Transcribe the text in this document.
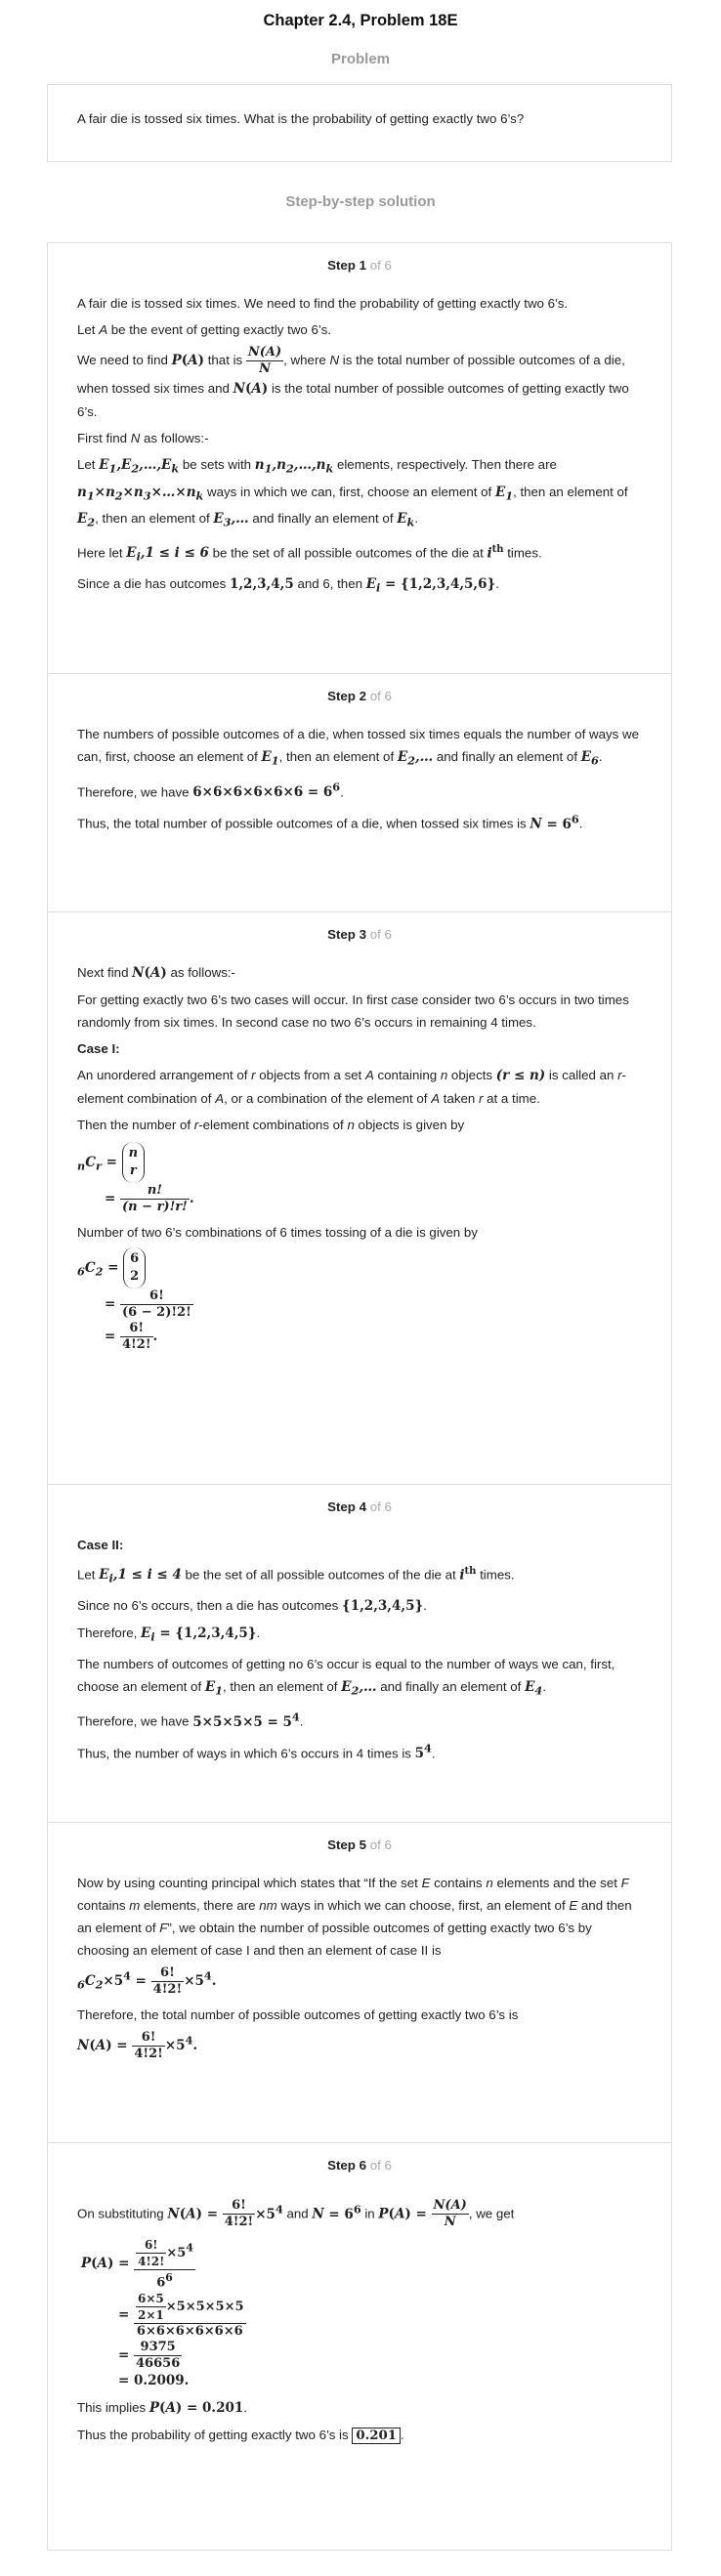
Chapter 2.4, Problem 18E
Problem
A fair die is tossed six times. What is the probability of getting exactly two 6’s?
Step-by-step solution
Step 1 of 6

A fair die is tossed six times. We need to find the probability of getting exactly two 6’s.

Let A be the event of getting exactly two 6’s.

We need to find P(A) that is $\frac{N(A)}{N}$ , where N is the total number of possible outcomes of a die, when tossed six times and N(A) is the total number of possible outcomes of getting exactly two 6’s.

First find N as follows:-

Let $E_1,E_2,\dots,E_k$ be sets with $n_1,n_2,\dots,n_k$ elements, respectively. Then there are $n_1\times n_2\times n_3\times\dots\times n_k$ ways in which we can, first, choose an element of $E_1$, then an element of $E_2$, then an element of $E_3,\dots$ and finally an element of $E_k$.

Here let $E_i,1 \le i \le 6$ be the set of all possible outcomes of the die at $i^{th}$ times.

Since a die has outcomes 1,2,3,4,5 and 6, then $E_i = \{1,2,3,4,5,6\}$.

Step 2 of 6

The numbers of possible outcomes of a die, when tossed six times equals the number of ways we can, first, choose an element of $E_1$, then an element of $E_2,\dots$ and finally an element of $E_6$.

Therefore, we have $6\times 6\times 6\times 6\times 6\times 6 = 6^6$.

Thus, the total number of possible outcomes of a die, when tossed six times is $N = 6^6$.

Step 3 of 6

Next find N(A) as follows:-

For getting exactly two 6’s two cases will occur. In first case consider two 6’s occurs in two times randomly from six times. In second case no two 6’s occurs in remaining 4 times.

Case I:

An unordered arrangement of r objects from a set A containing n objects (r ≤ n) is called an r-element combination of A, or a combination of the element of A taken r at a time.

Then the number of r-element combinations of n objects is given by

$_nC_r = n$
r
= $\frac{n!}{(n - r)!r!}$ .

Number of two 6’s combinations of 6 times tossing of a die is given by

$_6C_2 = 6$
2
= $\frac{6!}{(6 - 2)!2!}$
= $\frac{6!}{4!2!}$ .
Step 4 of 6

Case II:

Let $E_i,1 \le i \le 4$ be the set of all possible outcomes of the die at $i^{th}$ times.

Since no 6’s occurs, then a die has outcomes {1,2,3,4,5}.

Therefore, $E_i = \{1,2,3,4,5\}$.

The numbers of outcomes of getting no 6’s occur is equal to the number of ways we can, first, choose an element of $E_1$, then an element of $E_2,\dots$ and finally an element of $E_4$.

Therefore, we have $5\times 5\times 5\times 5 = 5^4$.

Thus, the number of ways in which 6’s occurs in 4 times is $5^4$.

Step 5 of 6

Now by using counting principal which states that “If the set E contains n elements and the set F contains m elements, there are nm ways in which we can choose, first, an element of E and then an element of F”, we obtain the number of possible outcomes of getting exactly two 6’s by choosing an element of case I and then an element of case II is

$_6C_2\times 5^4 = \frac{6!}{4!2!} \times 5^4$.

Therefore, the total number of possible outcomes of getting exactly two 6’s is

$N(A) = \frac{6!}{4!2!} \times 5^4$.
Step 6 of 6

On substituting $N(A) = \frac{6!}{4!2!} \times 5^4$ and $N = 6^6$ in $P(A) = \frac{N(A)}{N}$ , we get

$P(A) = \frac{\frac{6!}{4!2!} \times 5^4}{6^6}$
= $\frac{\frac{6\times 5}{2\times 1} \times 5\times 5\times 5\times 5}{6\times 6\times 6\times 6\times 6\times 6}$
= $\frac{9375}{46656}$
= 0.2009.

This implies P(A) = 0.201.

Thus the probability of getting exactly two 6’s is 0.201 .
